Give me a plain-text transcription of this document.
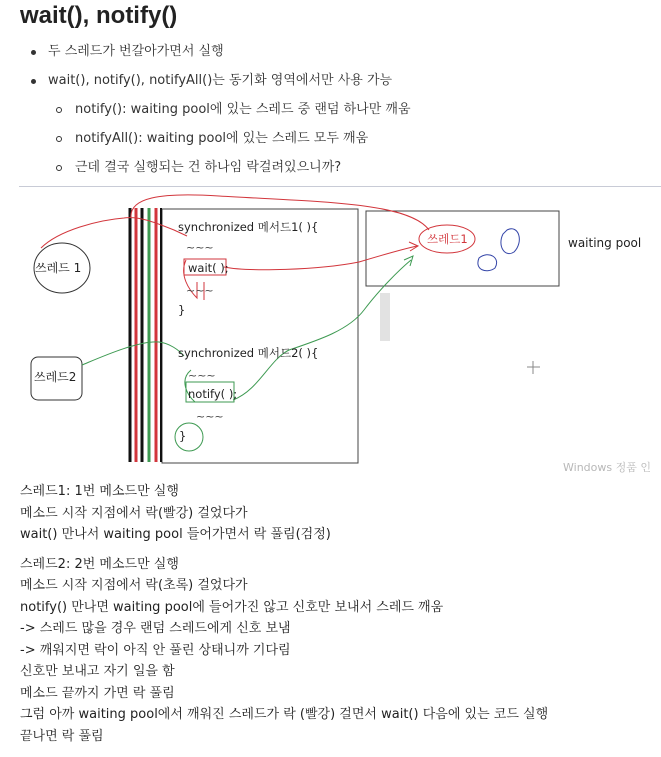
wait(), notify()
두 스레드가 번갈아가면서 실행
wait(), notify(), notifyAll()는 동기화 영역에서만 사용 가능
notify(): waiting pool에 있는 스레드 중 랜덤 하나만 깨움
notifyAll(): waiting pool에 있는 스레드 모두 깨움
근데 결국 실행되는 건 하나임 락걸려있으니까?
쓰레드 1
쓰레드2
synchronized 메서드1( ){
~~~
wait( );
~~~
}
synchronized 메서드2( ){
~~~
notify( );
~~~
}
쓰레드1	waiting pool
Windows 정품 인
스레드1: 1번 메소드만 실행
메소드 시작 지점에서 락(빨강) 걸었다가
wait() 만나서 waiting pool 들어가면서 락 풀림(검정)
스레드2: 2번 메소드만 실행
메소드 시작 지점에서 락(초록) 걸었다가
notify() 만나면 waiting pool에 들어가진 않고 신호만 보내서 스레드 깨움
-> 스레드 많을 경우 랜덤 스레드에게 신호 보냄
-> 깨워지면 락이 아직 안 풀린 상태니까 기다림
신호만 보내고 자기 일을 함
메소드 끝까지 가면 락 풀림
그럼 아까 waiting pool에서 깨워진 스레드가 락 (빨강) 걸면서 wait() 다음에 있는 코드 실행
끝나면 락 풀림
